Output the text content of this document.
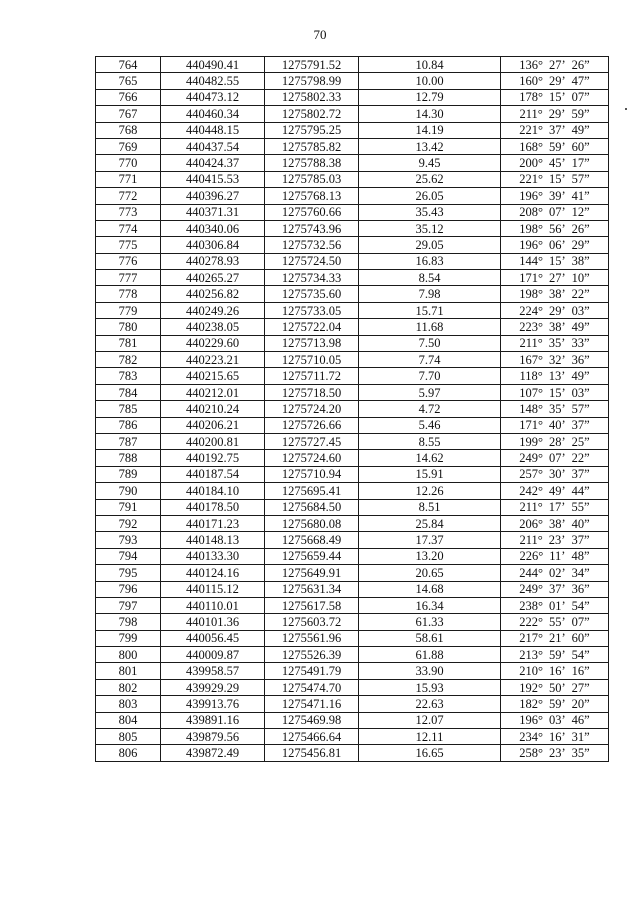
70
764	440490.41	1275791.52	10.84	136° 27’ 26”
765	440482.55	1275798.99	10.00	160° 29’ 47”
766	440473.12	1275802.33	12.79	178° 15’ 07”
767	440460.34	1275802.72	14.30	211° 29’ 59”
768	440448.15	1275795.25	14.19	221° 37’ 49”
769	440437.54	1275785.82	13.42	168° 59’ 60”
770	440424.37	1275788.38	9.45	200° 45’ 17”
771	440415.53	1275785.03	25.62	221° 15’ 57”
772	440396.27	1275768.13	26.05	196° 39’ 41”
773	440371.31	1275760.66	35.43	208° 07’ 12”
774	440340.06	1275743.96	35.12	198° 56’ 26”
775	440306.84	1275732.56	29.05	196° 06’ 29”
776	440278.93	1275724.50	16.83	144° 15’ 38”
777	440265.27	1275734.33	8.54	171° 27’ 10”
778	440256.82	1275735.60	7.98	198° 38’ 22”
779	440249.26	1275733.05	15.71	224° 29’ 03”
780	440238.05	1275722.04	11.68	223° 38’ 49”
781	440229.60	1275713.98	7.50	211° 35’ 33”
782	440223.21	1275710.05	7.74	167° 32’ 36”
783	440215.65	1275711.72	7.70	118° 13’ 49”
784	440212.01	1275718.50	5.97	107° 15’ 03”
785	440210.24	1275724.20	4.72	148° 35’ 57”
786	440206.21	1275726.66	5.46	171° 40’ 37”
787	440200.81	1275727.45	8.55	199° 28’ 25”
788	440192.75	1275724.60	14.62	249° 07’ 22”
789	440187.54	1275710.94	15.91	257° 30’ 37”
790	440184.10	1275695.41	12.26	242° 49’ 44”
791	440178.50	1275684.50	8.51	211° 17’ 55”
792	440171.23	1275680.08	25.84	206° 38’ 40”
793	440148.13	1275668.49	17.37	211° 23’ 37”
794	440133.30	1275659.44	13.20	226° 11’ 48”
795	440124.16	1275649.91	20.65	244° 02’ 34”
796	440115.12	1275631.34	14.68	249° 37’ 36”
797	440110.01	1275617.58	16.34	238° 01’ 54”
798	440101.36	1275603.72	61.33	222° 55’ 07”
799	440056.45	1275561.96	58.61	217° 21’ 60”
800	440009.87	1275526.39	61.88	213° 59’ 54”
801	439958.57	1275491.79	33.90	210° 16’ 16”
802	439929.29	1275474.70	15.93	192° 50’ 27”
803	439913.76	1275471.16	22.63	182° 59’ 20”
804	439891.16	1275469.98	12.07	196° 03’ 46”
805	439879.56	1275466.64	12.11	234° 16’ 31”
806	439872.49	1275456.81	16.65	258° 23’ 35”
